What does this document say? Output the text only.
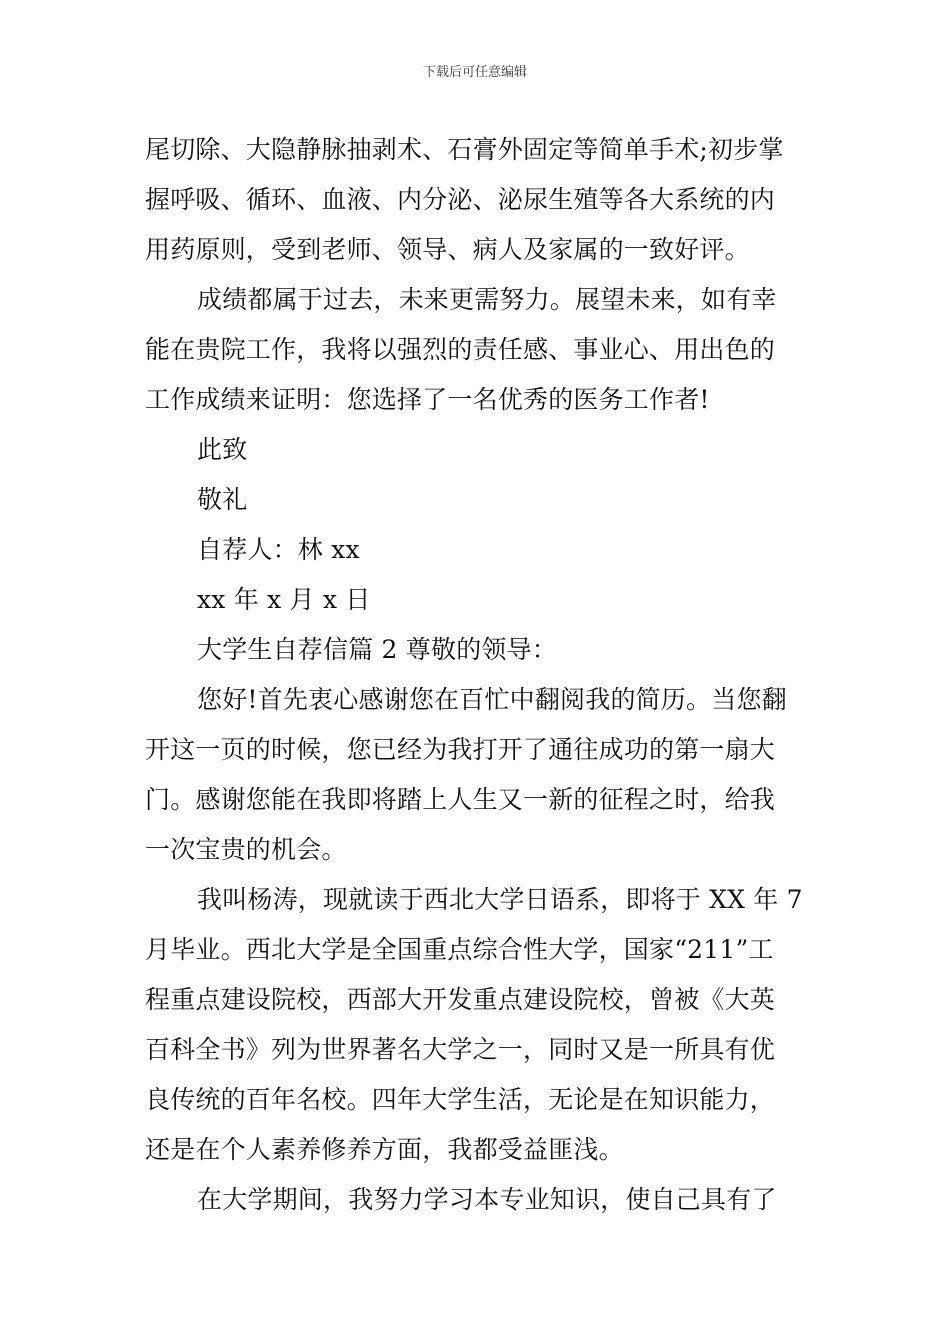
下载后可任意编辑
尾切除、大隐静脉抽剥术、石膏外固定等简单手术;初步掌
握呼吸、循环、血液、内分泌、泌尿生殖等各大系统的内
用药原则，受到老师、领导、病人及家属的一致好评。
成绩都属于过去，未来更需努力。展望未来，如有幸
能在贵院工作，我将以强烈的责任感、事业心、用出色的
工作成绩来证明：您选择了一名优秀的医务工作者!
此致
敬礼
自荐人：林 xx
xx 年 x 月 x 日
大学生自荐信篇 2 尊敬的领导：
您好!首先衷心感谢您在百忙中翻阅我的简历。当您翻
开这一页的时候，您已经为我打开了通往成功的第一扇大
门。感谢您能在我即将踏上人生又一新的征程之时，给我
一次宝贵的机会。
我叫杨涛，现就读于西北大学日语系，即将于 XX 年 7
月毕业。西北大学是全国重点综合性大学，国家“211”工
程重点建设院校，西部大开发重点建设院校，曾被《大英
百科全书》列为世界著名大学之一，同时又是一所具有优
良传统的百年名校。四年大学生活，无论是在知识能力，
还是在个人素养修养方面，我都受益匪浅。
在大学期间，我努力学习本专业知识，使自己具有了
